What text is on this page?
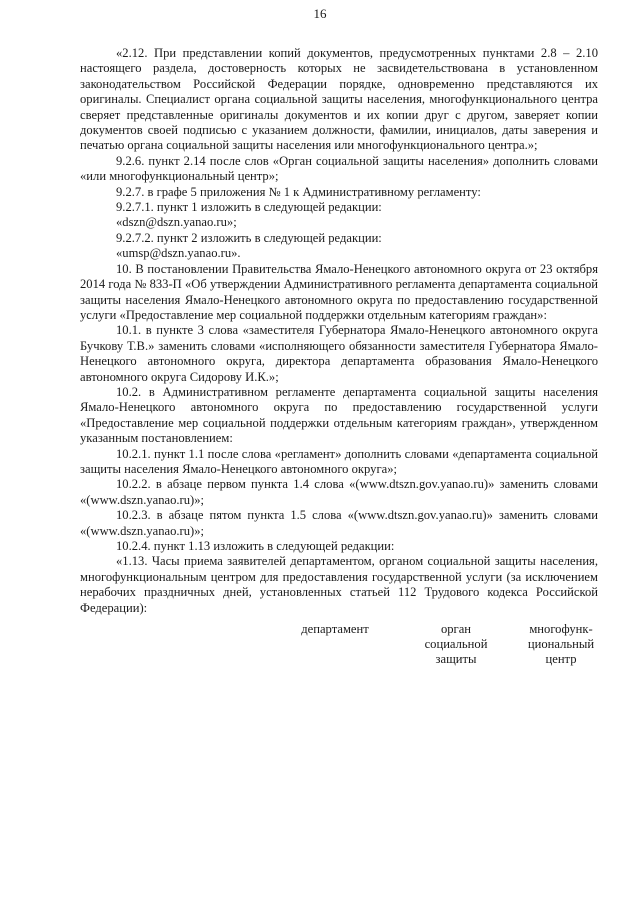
16

«2.12. При представлении копий документов, предусмотренных пунктами 2.8 – 2.10 настоящего раздела, достоверность которых не засвидетельствована в установленном законодательством Российской Федерации порядке, одновременно представляются их оригиналы. Специалист органа социальной защиты населения, многофункционального центра сверяет представленные оригиналы документов и их копии друг с другом, заверяет копии документов своей подписью с указанием должности, фамилии, инициалов, даты заверения и печатью органа социальной защиты населения или многофункционального центра.»;

9.2.6. пункт 2.14 после слов «Орган социальной защиты населения» дополнить словами «или многофункциональный центр»;

9.2.7. в графе 5 приложения № 1 к Административному регламенту:

9.2.7.1. пункт 1 изложить в следующей редакции:

«dszn@dszn.yanao.ru»;

9.2.7.2. пункт 2 изложить в следующей редакции:

«umsp@dszn.yanao.ru».

10. В постановлении Правительства Ямало-Ненецкого автономного округа от 23 октября 2014 года № 833-П «Об утверждении Административного регламента департамента социальной защиты населения Ямало-Ненецкого автономного округа по предоставлению государственной услуги «Предоставление мер социальной поддержки отдельным категориям граждан»:

10.1. в пункте 3 слова «заместителя Губернатора Ямало-Ненецкого автономного округа Бучкову Т.В.» заменить словами «исполняющего обязанности заместителя Губернатора Ямало-Ненецкого автономного округа, директора департамента образования Ямало-Ненецкого автономного округа Сидорову И.К.»;

10.2. в Административном регламенте департамента социальной защиты населения Ямало-Ненецкого автономного округа по предоставлению государственной услуги «Предоставление мер социальной поддержки отдельным категориям граждан», утвержденном указанным постановлением:

10.2.1. пункт 1.1 после слова «регламент» дополнить словами «департамента социальной защиты населения Ямало-Ненецкого автономного округа»;

10.2.2. в абзаце первом пункта 1.4 слова «(www.dtszn.gov.yanao.ru)» заменить словами «(www.dszn.yanao.ru)»;

10.2.3. в абзаце пятом пункта 1.5 слова «(www.dtszn.gov.yanao.ru)» заменить словами «(www.dszn.yanao.ru)»;

10.2.4. пункт 1.13 изложить в следующей редакции:

«1.13. Часы приема заявителей департаментом, органом социальной защиты населения, многофункциональным центром для предоставления государственной услуги (за исключением нерабочих праздничных дней, установленных статьей 112 Трудового кодекса Российской Федерации):

департамент	орган
социальной
защиты
многофунк-
циональный
центр
